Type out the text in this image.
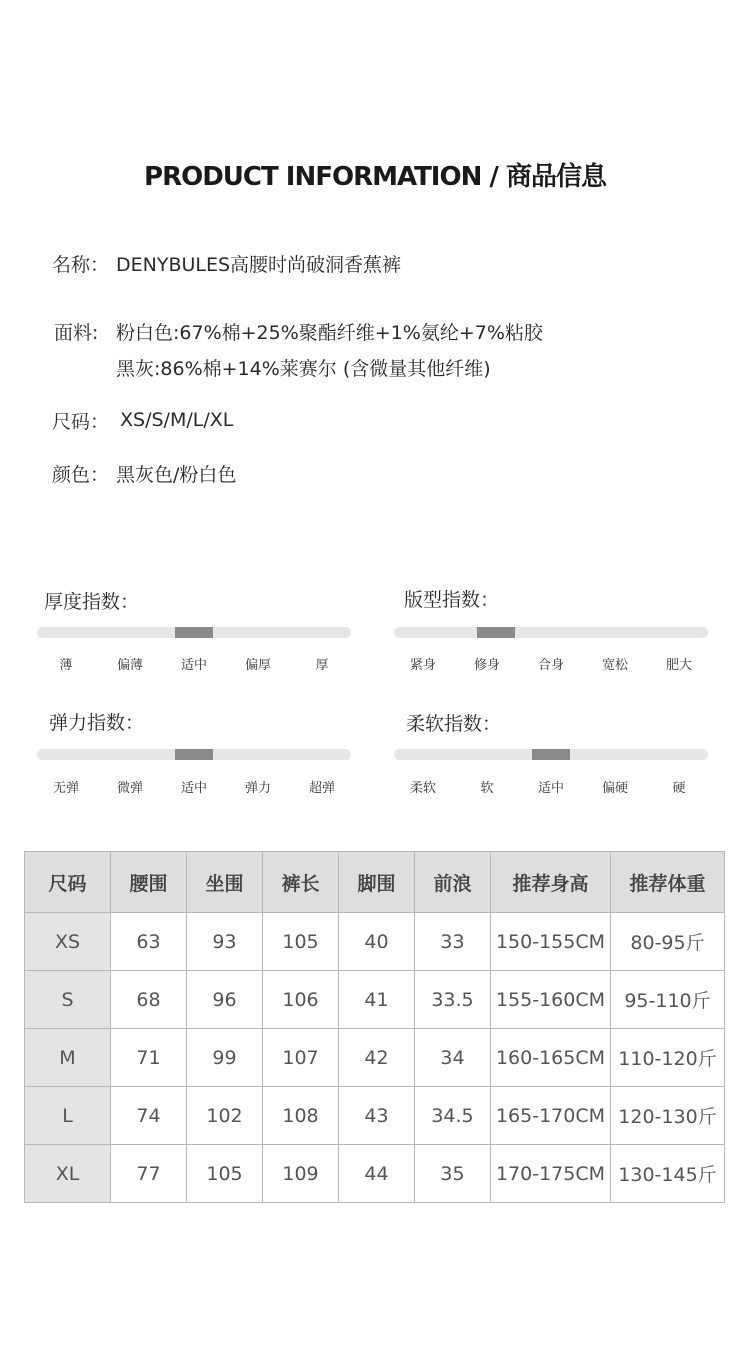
PRODUCT INFORMATION / 商品信息
名称： DENYBULES高腰时尚破洞香蕉裤
面料: 粉白色:67%棉+25%聚酯纤维+1%氨纶+7%粘胶
黑灰:86%棉+14%莱赛尔 (含微量其他纤维)
尺码： XS/S/M/L/XL
颜色： 黑灰色/粉白色
厚度指数：
薄	偏薄	适中	偏厚	厚
版型指数：
紧身	修身	合身	宽松	肥大
弹力指数：
无弹	微弹	适中	弹力	超弹
柔软指数：
柔软	软	适中	偏硬	硬
尺码	腰围	坐围	裤长	脚围	前浪	推荐身高	推荐体重
XS	63	93	105	40	33	150-155CM	80-95斤
S	68	96	106	41	33.5	155-160CM	95-110斤
M	71	99	107	42	34	160-165CM	110-120斤
L	74	102	108	43	34.5	165-170CM	120-130斤
XL	77	105	109	44	35	170-175CM	130-145斤
